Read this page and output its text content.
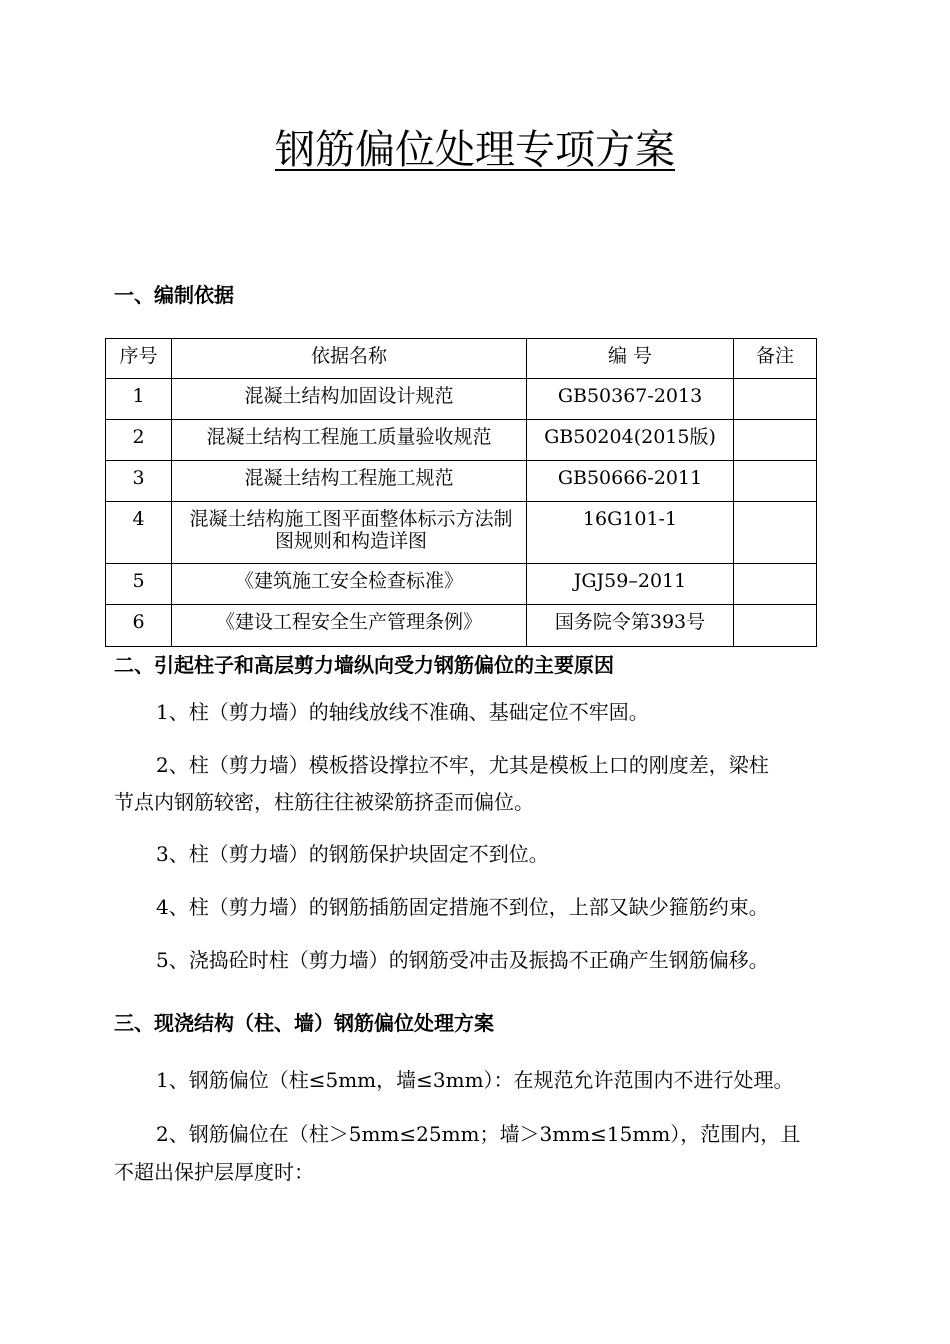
钢筋偏位处理专项方案
一、编制依据
序号	依据名称	编 号	备注
1	混凝土结构加固设计规范	GB50367-2013	
2	混凝土结构工程施工质量验收规范	GB50204(2015版)	
3	混凝土结构工程施工规范	GB50666-2011	
4	混凝土结构施工图平面整体标示方法制图规则和构造详图	16G101-1	
5	《建筑施工安全检查标准》	JGJ59–2011	
6	《建设工程安全生产管理条例》	国务院令第393号	
二、引起柱子和高层剪力墙纵向受力钢筋偏位的主要原因
1、柱（剪力墙）的轴线放线不准确、基础定位不牢固。
2、柱（剪力墙）模板搭设撑拉不牢，尤其是模板上口的刚度差，梁柱
节点内钢筋较密，柱筋往往被梁筋挤歪而偏位。
3、柱（剪力墙）的钢筋保护块固定不到位。
4、柱（剪力墙）的钢筋插筋固定措施不到位，上部又缺少箍筋约束。
5、浇捣砼时柱（剪力墙）的钢筋受冲击及振捣不正确产生钢筋偏移。
三、现浇结构（柱、墙）钢筋偏位处理方案
1、钢筋偏位（柱≤5mm，墙≤3mm）：在规范允许范围内不进行处理。
2、钢筋偏位在（柱＞5mm≤25mm；墙＞3mm≤15mm），范围内，且
不超出保护层厚度时：
